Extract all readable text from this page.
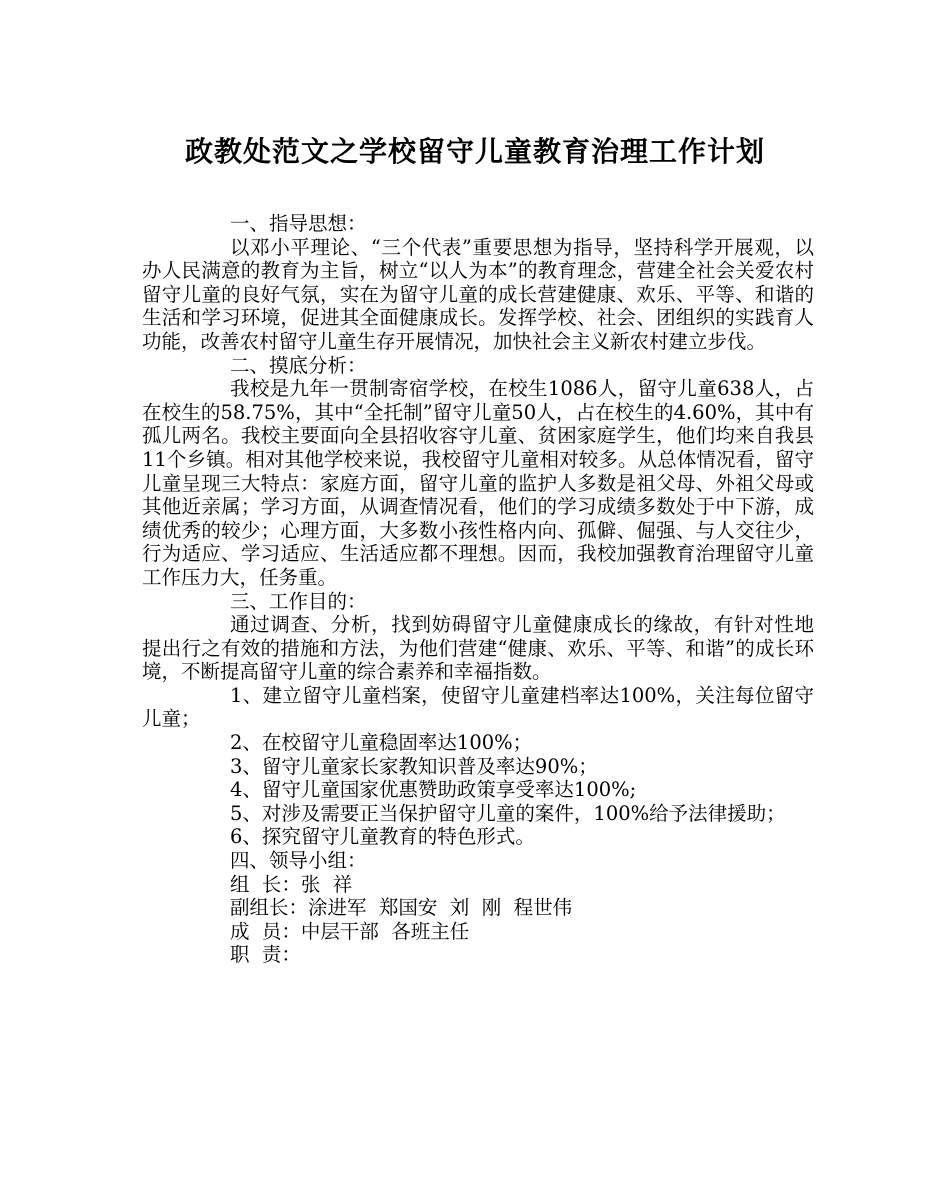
政教处范文之学校留守儿童教育治理工作计划

一、指导思想：

以邓小平理论、“三个代表”重要思想为指导，坚持科学开展观，以办人民满意的教育为主旨，树立“以人为本”的教育理念，营建全社会关爱农村留守儿童的良好气氛，实在为留守儿童的成长营建健康、欢乐、平等、和谐的生活和学习环境，促进其全面健康成长。发挥学校、社会、团组织的实践育人功能，改善农村留守儿童生存开展情况，加快社会主义新农村建立步伐。

二、摸底分析：

我校是九年一贯制寄宿学校，在校生1086人，留守儿童638人，占在校生的58.75%，其中“全托制”留守儿童50人，占在校生的4.60%，其中有孤儿两名。我校主要面向全县招收容守儿童、贫困家庭学生，他们均来自我县11个乡镇。相对其他学校来说，我校留守儿童相对较多。从总体情况看，留守儿童呈现三大特点：家庭方面，留守儿童的监护人多数是祖父母、外祖父母或其他近亲属；学习方面，从调查情况看，他们的学习成绩多数处于中下游，成绩优秀的较少；心理方面，大多数小孩性格内向、孤僻、倔强、与人交往少，行为适应、学习适应、生活适应都不理想。因而，我校加强教育治理留守儿童工作压力大，任务重。

三、工作目的：

通过调查、分析，找到妨碍留守儿童健康成长的缘故，有针对性地提出行之有效的措施和方法，为他们营建“健康、欢乐、平等、和谐”的成长环境，不断提高留守儿童的综合素养和幸福指数。

1、建立留守儿童档案，使留守儿童建档率达100%，关注每位留守儿童；

2、在校留守儿童稳固率达100%；

3、留守儿童家长家教知识普及率达90%；

4、留守儿童国家优惠赞助政策享受率达100%;

5、对涉及需要正当保护留守儿童的案件，100%给予法律援助；

6、探究留守儿童教育的特色形式。

四、领导小组：

组  长：张  祥

副组长：涂进军  郑国安  刘  刚  程世伟

成  员：中层干部  各班主任

职  责：
